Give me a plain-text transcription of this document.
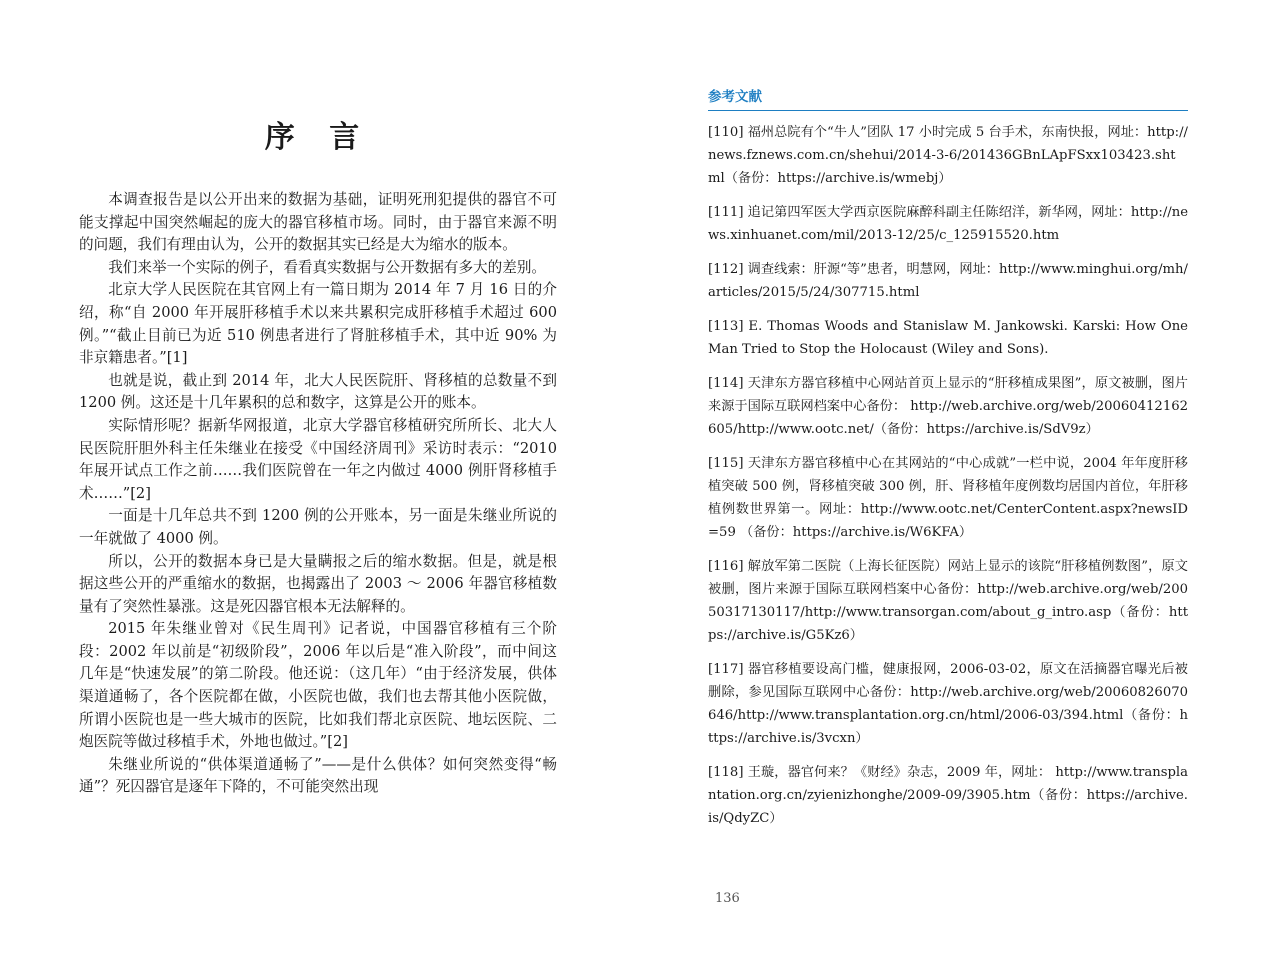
序 言

本调查报告是以公开出来的数据为基础，证明死刑犯提供的器官不可能支撑起中国突然崛起的庞大的器官移植市场。同时，由于器官来源不明的问题，我们有理由认为，公开的数据其实已经是大为缩水的版本。

我们来举一个实际的例子，看看真实数据与公开数据有多大的差别。

北京大学人民医院在其官网上有一篇日期为 2014 年 7 月 16 日的介绍，称“自 2000 年开展肝移植手术以来共累积完成肝移植手术超过 600 例。”“截止目前已为近 510 例患者进行了肾脏移植手术，其中近 90% 为非京籍患者。”[1]

也就是说，截止到 2014 年，北大人民医院肝、肾移植的总数量不到 1200 例。这还是十几年累积的总和数字，这算是公开的账本。

实际情形呢？据新华网报道，北京大学器官移植研究所所长、北大人民医院肝胆外科主任朱继业在接受《中国经济周刊》采访时表示：“2010 年展开试点工作之前……我们医院曾在一年之内做过 4000 例肝肾移植手术……”[2]

一面是十几年总共不到 1200 例的公开账本，另一面是朱继业所说的一年就做了 4000 例。

所以，公开的数据本身已是大量瞒报之后的缩水数据。但是，就是根据这些公开的严重缩水的数据，也揭露出了 2003 ～ 2006 年器官移植数量有了突然性暴涨。这是死囚器官根本无法解释的。

2015 年朱继业曾对《民生周刊》记者说，中国器官移植有三个阶段：2002 年以前是“初级阶段”，2006 年以后是“准入阶段”，而中间这几年是“快速发展”的第二阶段。他还说：（这几年）“由于经济发展，供体渠道通畅了，各个医院都在做，小医院也做，我们也去帮其他小医院做，所谓小医院也是一些大城市的医院，比如我们帮北京医院、地坛医院、二炮医院等做过移植手术，外地也做过。”[2]

朱继业所说的“供体渠道通畅了”——是什么供体？如何突然变得“畅通”？死囚器官是逐年下降的，不可能突然出现

参考文献

[110] 福州总院有个“牛人”团队 17 小时完成 5 台手术，东南快报，网址：http://news.fznews.com.cn/shehui/2014-3-6/201436GBnLApFSxx103423.shtml（备份：https://archive.is/wmebj）

[111] 追记第四军医大学西京医院麻醉科副主任陈绍洋，新华网，网址：http://news.xinhuanet.com/mil/2013-12/25/c_125915520.htm

[112] 调查线索：肝源“等”患者，明慧网，网址：http://www.minghui.org/mh/articles/2015/5/24/307715.html

[113] E. Thomas Woods and Stanislaw M. Jankowski. Karski: How One Man Tried to Stop the Holocaust (Wiley and Sons).

[114] 天津东方器官移植中心网站首页上显示的“肝移植成果图”，原文被删，图片来源于国际互联网档案中心备份： http://web.archive.org/web/20060412162605/http://www.ootc.net/（备份：https://archive.is/SdV9z）

[115] 天津东方器官移植中心在其网站的“中心成就”一栏中说，2004 年年度肝移植突破 500 例，肾移植突破 300 例，肝、肾移植年度例数均居国内首位，年肝移植例数世界第一。网址：http://www.ootc.net/CenterContent.aspx?newsID=59 （备份：https://archive.is/W6KFA）

[116] 解放军第二医院（上海长征医院）网站上显示的该院“肝移植例数图”，原文被删，图片来源于国际互联网档案中心备份：http://web.archive.org/web/20050317130117/http://www.transorgan.com/about_g_intro.asp（备份：https://archive.is/G5Kz6）

[117] 器官移植要设高门槛，健康报网，2006-03-02，原文在活摘器官曝光后被删除，参见国际互联网中心备份：http://web.archive.org/web/20060826070646/http://www.transplantation.org.cn/html/2006-03/394.html（备份：https://archive.is/3vcxn）

[118] 王璇，器官何来？《财经》杂志，2009 年，网址： http://www.transplantation.org.cn/zyienizhonghe/2009-09/3905.htm（备份：https://archive.is/QdyZC）

136
